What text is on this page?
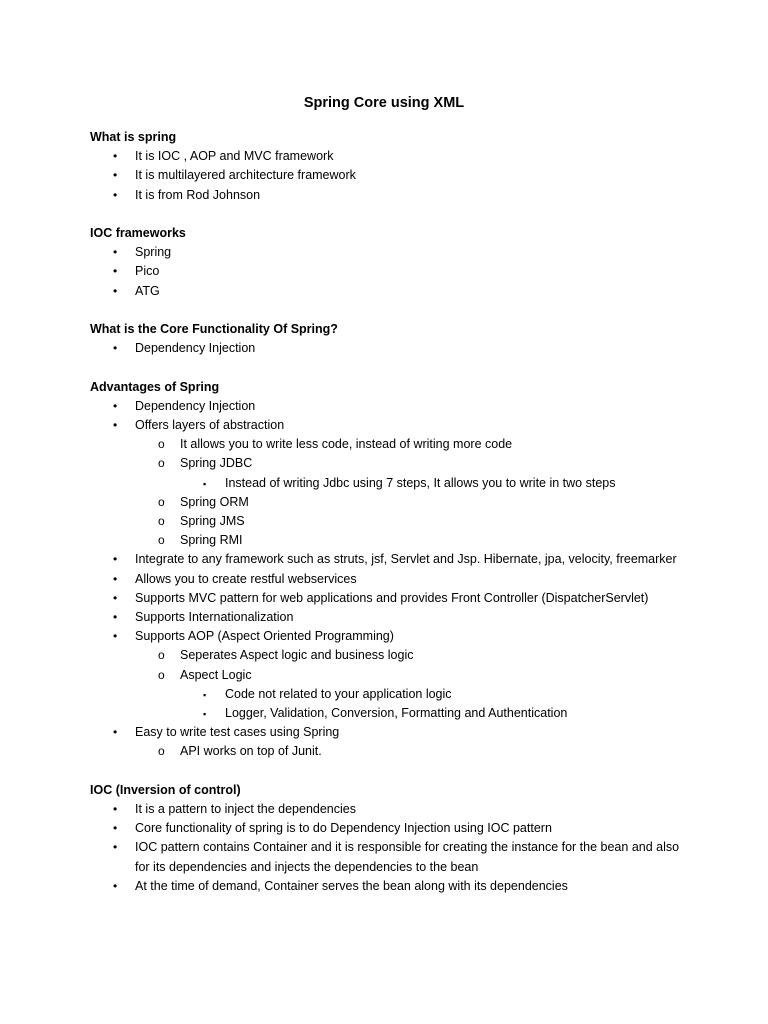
Spring Core using XML
What is spring
• It is IOC , AOP and MVC framework
• It is multilayered architecture framework
• It is from Rod Johnson
IOC frameworks
• Spring
• Pico
• ATG
What is the Core Functionality Of Spring?
• Dependency Injection
Advantages of Spring
• Dependency Injection
• Offers layers of abstraction
o It allows you to write less code, instead of writing more code
o Spring JDBC
▪ Instead of writing Jdbc using 7 steps, It allows you to write in two steps
o Spring ORM
o Spring JMS
o Spring RMI
• Integrate to any framework such as struts, jsf, Servlet and Jsp. Hibernate, jpa, velocity, freemarker
• Allows you to create restful webservices
• Supports MVC pattern for web applications and provides Front Controller (DispatcherServlet)
• Supports Internationalization
• Supports AOP (Aspect Oriented Programming)
o Seperates Aspect logic and business logic
o Aspect Logic
▪ Code not related to your application logic
▪ Logger, Validation, Conversion, Formatting and Authentication
• Easy to write test cases using Spring
o API works on top of Junit.
IOC (Inversion of control)
• It is a pattern to inject the dependencies
• Core functionality of spring is to do Dependency Injection using IOC pattern
• IOC pattern contains Container and it is responsible for creating the instance for the bean and also for its dependencies and injects the dependencies to the bean
• At the time of demand, Container serves the bean along with its dependencies
